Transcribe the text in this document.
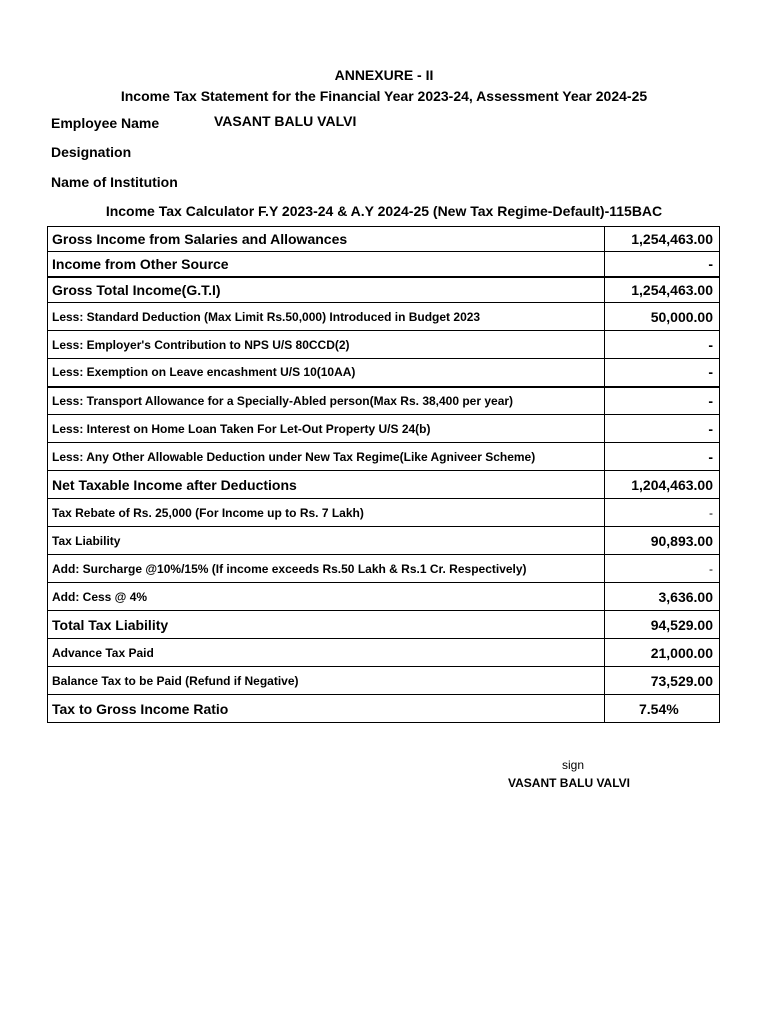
ANNEXURE - II
Income Tax Statement for the Financial Year 2023-24, Assessment Year 2024-25
Employee Name	VASANT BALU VALVI
Designation
Name of Institution
Income Tax Calculator F.Y 2023-24 & A.Y 2024-25 (New Tax Regime-Default)-115BAC
Gross Income from Salaries and Allowances	1,254,463.00
Income from Other Source	-
Gross Total Income(G.T.I)	1,254,463.00
Less: Standard Deduction (Max Limit Rs.50,000) Introduced in Budget 2023	50,000.00
Less: Employer's Contribution to NPS U/S 80CCD(2)	-
Less: Exemption on Leave encashment U/S 10(10AA)	-
Less: Transport Allowance for a Specially-Abled person(Max Rs. 38,400 per year)	-
Less: Interest on Home Loan Taken For Let-Out Property U/S 24(b)	-
Less: Any Other Allowable Deduction under New Tax Regime(Like Agniveer Scheme)	-
Net Taxable Income after Deductions	1,204,463.00
Tax Rebate of Rs. 25,000 (For Income up to Rs. 7 Lakh)	-
Tax Liability	90,893.00
Add: Surcharge @10%/15% (If income exceeds Rs.50 Lakh & Rs.1 Cr. Respectively)	-
Add: Cess @ 4%	3,636.00
Total Tax Liability	94,529.00
Advance Tax Paid	21,000.00
Balance Tax to be Paid (Refund if Negative)	73,529.00
Tax to Gross Income Ratio	7.54%
sign
VASANT BALU VALVI
